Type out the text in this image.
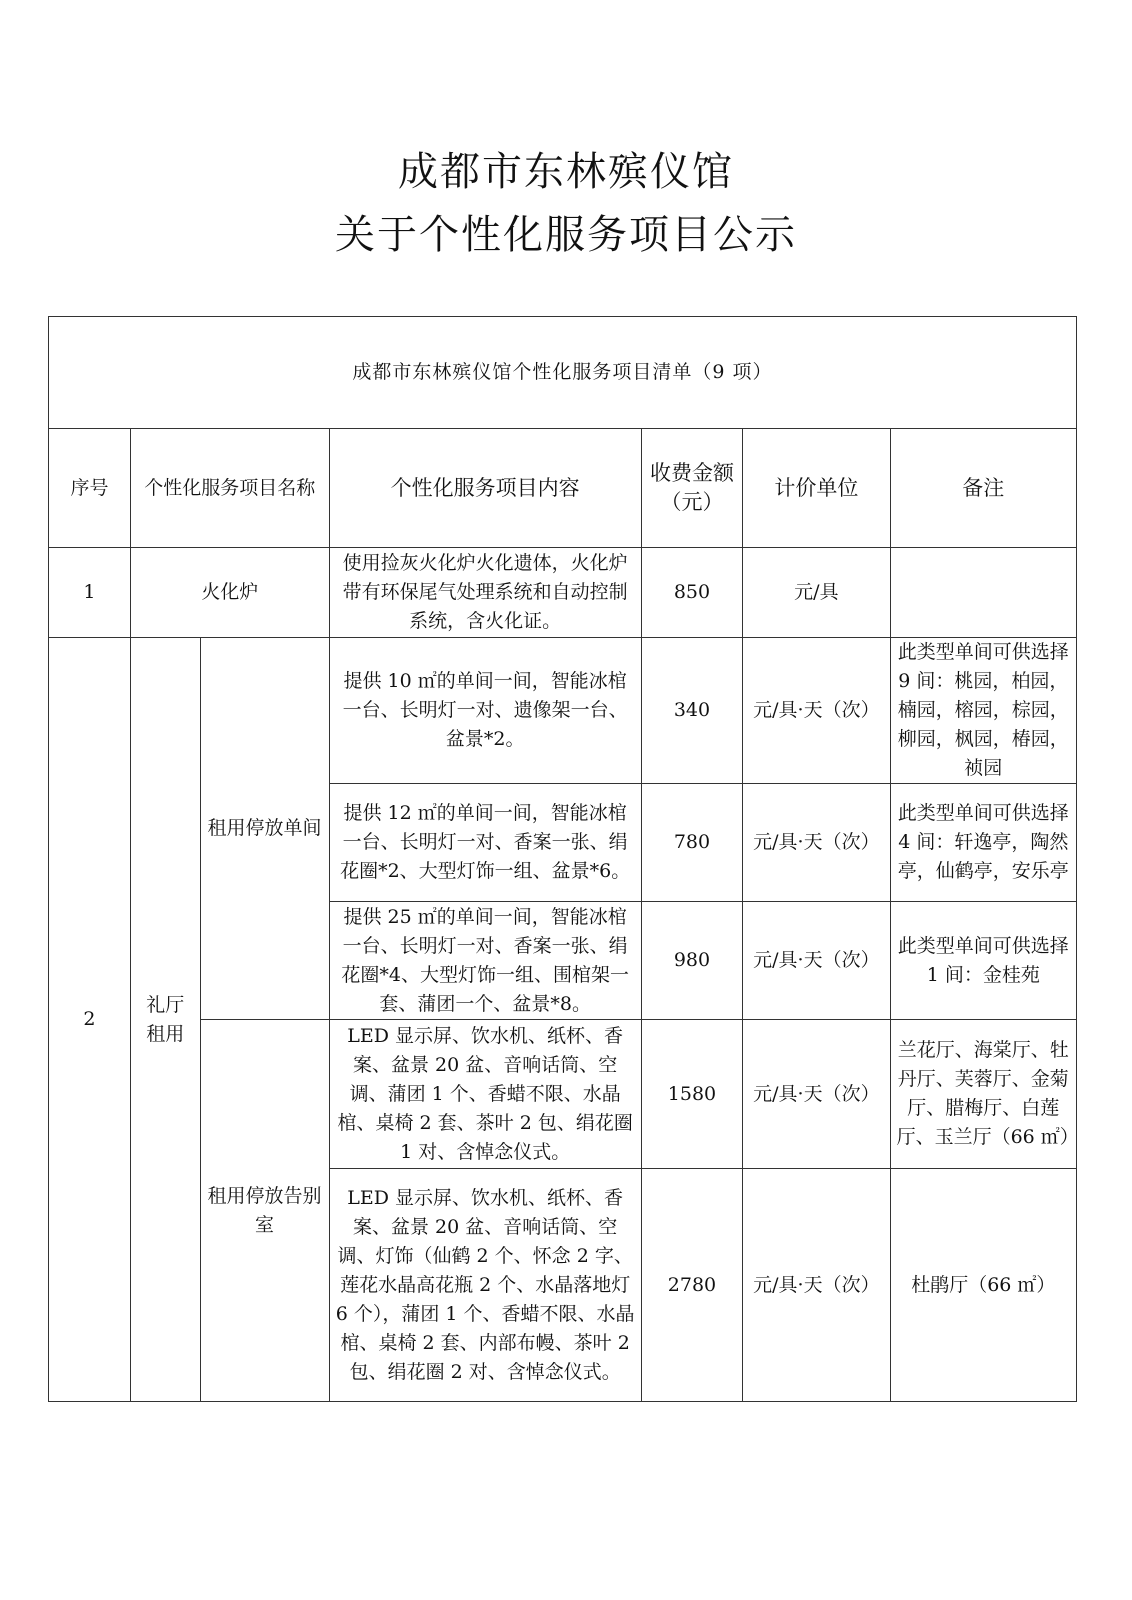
成都市东林殡仪馆
关于个性化服务项目公示
成都市东林殡仪馆个性化服务项目清单（9 项）						
序号	个性化服务项目名称		个性化服务项目内容	收费金额（元）	计价单位	备注
1	火化炉		使用捡灰火化炉火化遗体，火化炉带有环保尾气处理系统和自动控制系统，含火化证。	850	元/具	
2	礼厅租用	租用停放单间	提供 10 ㎡的单间一间，智能冰棺一台、长明灯一对、遗像架一台、盆景*2。	340	元/具·天（次）	此类型单间可供选择 9 间：桃园，柏园，楠园，榕园，棕园，柳园，枫园，椿园，祯园
			提供 12 ㎡的单间一间，智能冰棺一台、长明灯一对、香案一张、绢花圈*2、大型灯饰一组、盆景*6。	780	元/具·天（次）	此类型单间可供选择 4 间：轩逸亭，陶然亭，仙鹤亭，安乐亭
			提供 25 ㎡的单间一间，智能冰棺一台、长明灯一对、香案一张、绢花圈*4、大型灯饰一组、围棺架一套、蒲团一个、盆景*8。	980	元/具·天（次）	此类型单间可供选择 1 间：金桂苑
		租用停放告别室	LED 显示屏、饮水机、纸杯、香案、盆景 20 盆、音响话筒、空调、蒲团 1 个、香蜡不限、水晶棺、桌椅 2 套、茶叶 2 包、绢花圈 1 对、含悼念仪式。	1580	元/具·天（次）	兰花厅、海棠厅、牡丹厅、芙蓉厅、金菊厅、腊梅厅、白莲厅、玉兰厅（66 ㎡）
			LED 显示屏、饮水机、纸杯、香案、盆景 20 盆、音响话筒、空调、灯饰（仙鹤 2 个、怀念 2 字、莲花水晶高花瓶 2 个、水晶落地灯 6 个），蒲团 1 个、香蜡不限、水晶棺、桌椅 2 套、内部布幔、茶叶 2 包、绢花圈 2 对、含悼念仪式。	2780	元/具·天（次）	杜鹃厅（66 ㎡）
